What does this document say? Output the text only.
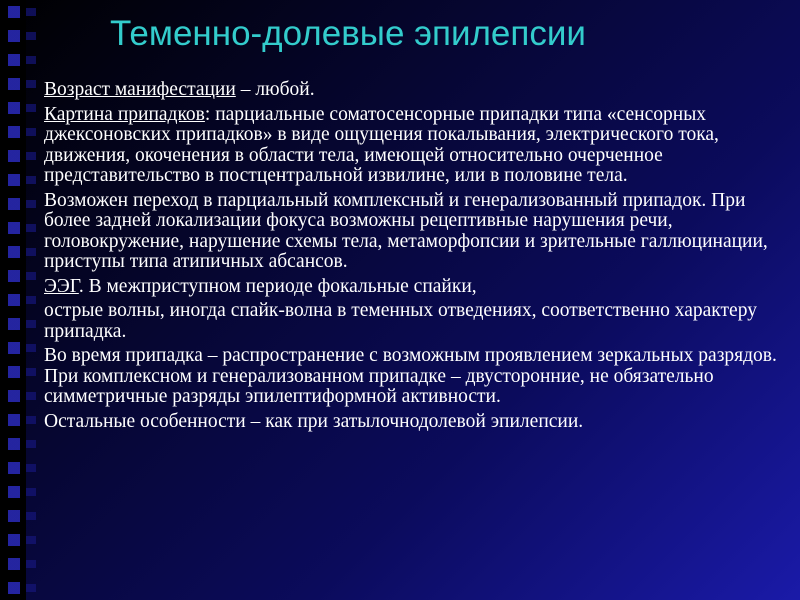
Теменно-долевые эпилепсии

Возраст манифестации – любой.

Картина припадков: парциальные соматосенсорные припадки типа «сенсорных джексоновских припадков» в виде ощущения покалывания, электрического тока, движения, окоченения в области тела, имеющей относительно очерченное представительство в постцентральной извилине, или в половине тела.

Возможен переход в парциальный комплексный и генерализованный припадок. При более задней локализации фокуса возможны рецептивные нарушения речи, головокружение, нарушение схемы тела, метаморфопсии и зрительные галлюцинации, приступы типа атипичных абсансов.

ЭЭГ. В межприступном периоде фокальные спайки,

острые волны, иногда спайк-волна в теменных отведениях, соответственно характеру припадка.

Во время припадка – распространение с возможным проявлением зеркальных разрядов. При комплексном и генерализованном припадке – двусторонние, не обязательно симметричные разряды эпилептиформной активности.

Остальные особенности – как при затылочнодолевой эпилепсии.
